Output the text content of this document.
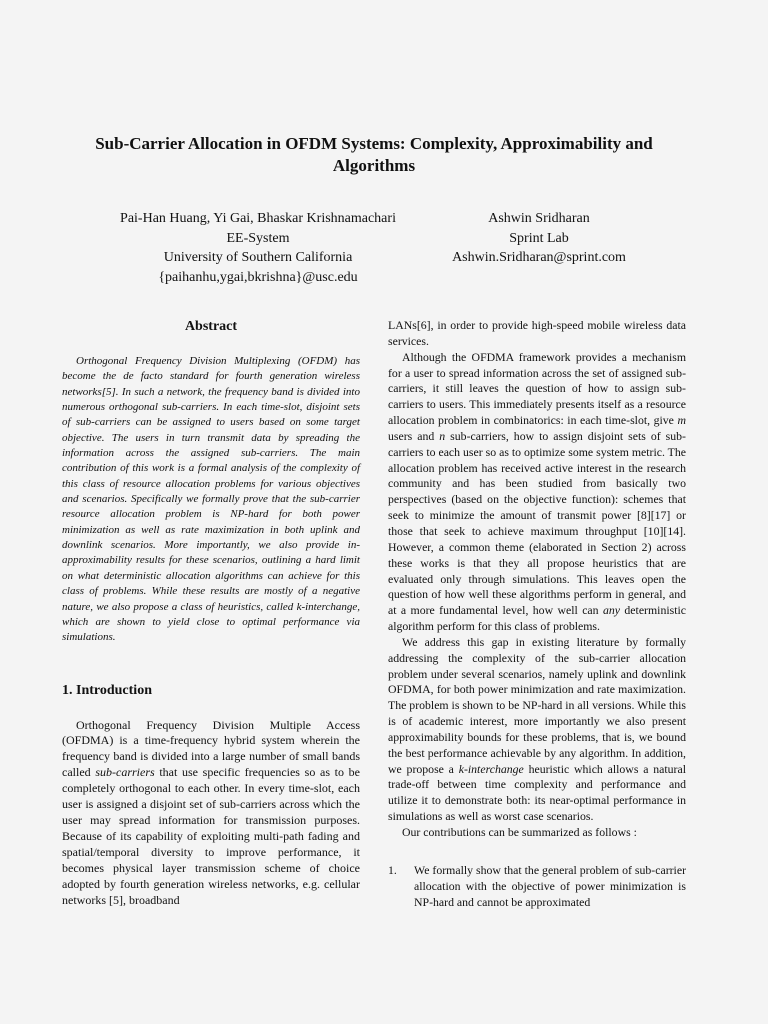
Sub-Carrier Allocation in OFDM Systems: Complexity, Approximability and Algorithms
Pai-Han Huang, Yi Gai, Bhaskar Krishnamachari
EE-System
University of Southern California
{paihanhu,ygai,bkrishna}@usc.edu
Ashwin Sridharan
Sprint Lab
Ashwin.Sridharan@sprint.com
Abstract

Orthogonal Frequency Division Multiplexing (OFDM) has become the de facto standard for fourth generation wireless networks[5]. In such a network, the frequency band is divided into numerous orthogonal sub-carriers. In each time-slot, disjoint sets of sub-carriers can be assigned to users based on some target objective. The users in turn transmit data by spreading the information across the assigned sub-carriers. The main contribution of this work is a formal analysis of the complexity of this class of resource allocation problems for various objectives and scenarios. Specifically we formally prove that the sub-carrier resource allocation problem is NP-hard for both power minimization as well as rate maximization in both uplink and downlink scenarios. More importantly, we also provide in-approximability results for these scenarios, outlining a hard limit on what deterministic allocation algorithms can achieve for this class of problems. While these results are mostly of a negative nature, we also propose a class of heuristics, called k-interchange, which are shown to yield close to optimal performance via simulations.

1. Introduction

Orthogonal Frequency Division Multiple Access (OFDMA) is a time-frequency hybrid system wherein the frequency band is divided into a large number of small bands called sub-carriers that use specific frequencies so as to be completely orthogonal to each other. In every time-slot, each user is assigned a disjoint set of sub-carriers across which the user may spread information for transmission purposes. Because of its capability of exploiting multi-path fading and spatial/temporal diversity to improve performance, it becomes physical layer transmission scheme of choice adopted by fourth generation wireless networks, e.g. cellular networks [5], broadband

LANs[6], in order to provide high-speed mobile wireless data services.

Although the OFDMA framework provides a mechanism for a user to spread information across the set of assigned sub-carriers, it still leaves the question of how to assign sub-carriers to users. This immediately presents itself as a resource allocation problem in combinatorics: in each time-slot, give m users and n sub-carriers, how to assign disjoint sets of sub-carriers to each user so as to optimize some system metric. The allocation problem has received active interest in the research community and has been studied from basically two perspectives (based on the objective function): schemes that seek to minimize the amount of transmit power [8][17] or those that seek to achieve maximum throughput [10][14]. However, a common theme (elaborated in Section 2) across these works is that they all propose heuristics that are evaluated only through simulations. This leaves open the question of how well these algorithms perform in general, and at a more fundamental level, how well can any deterministic algorithm perform for this class of problems.

We address this gap in existing literature by formally addressing the complexity of the sub-carrier allocation problem under several scenarios, namely uplink and downlink OFDMA, for both power minimization and rate maximization. The problem is shown to be NP-hard in all versions. While this is of academic interest, more importantly we also present approximability bounds for these problems, that is, we bound the best performance achievable by any algorithm. In addition, we propose a k-interchange heuristic which allows a natural trade-off between time complexity and performance and utilize it to demonstrate both: its near-optimal performance in simulations as well as worst case scenarios.

Our contributions can be summarized as follows :

1. We formally show that the general problem of sub-carrier allocation with the objective of power minimization is NP-hard and cannot be approximated
